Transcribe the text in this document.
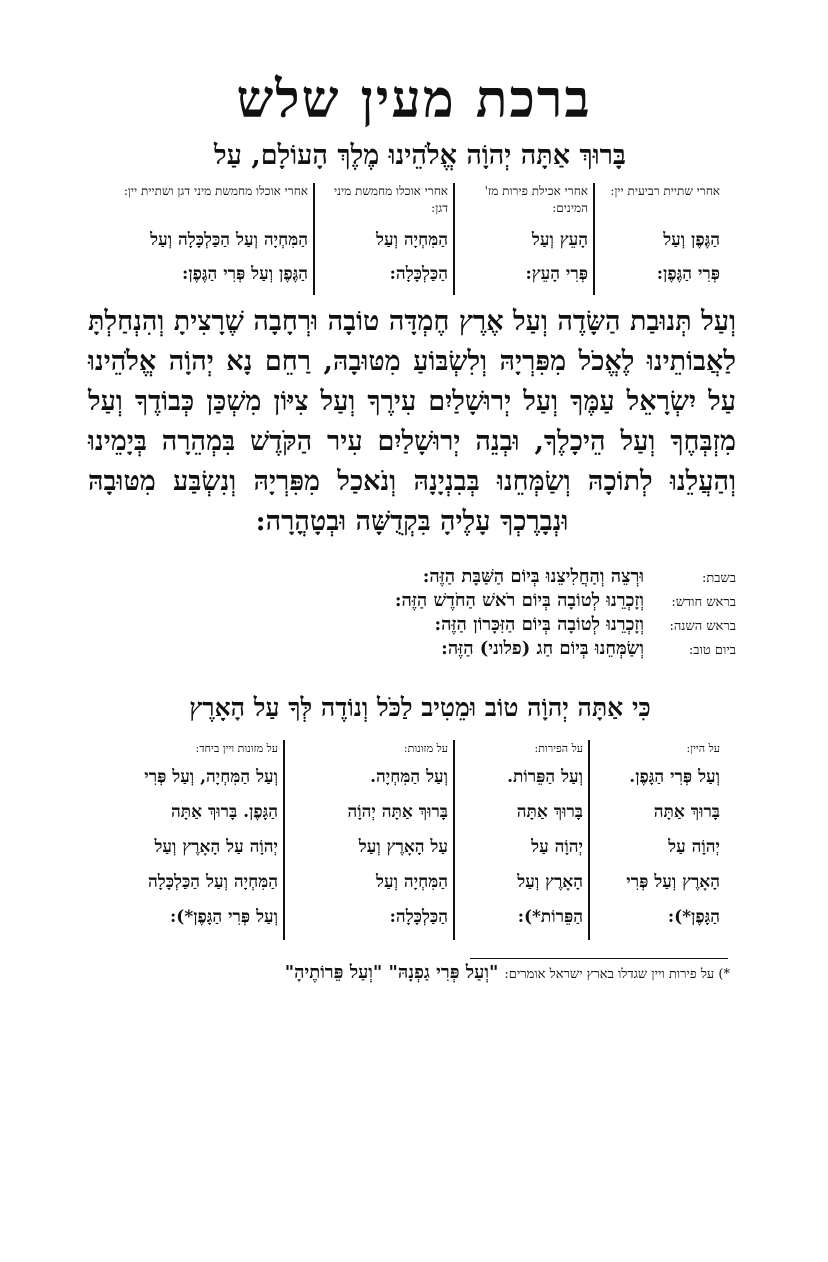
ברכת מעין שלש
בָּרוּךְ אַתָּה יְהוָֹה אֱלֹהֵינוּ מֶלֶךְ הָעוֹלָם, עַל
אחרי שתיית רביעית יין:
הַגֶּפֶן וְעַל
פְּרִי הַגֶּפֶן:
אחרי אכילת פירות מז' המינים:
הָעֵץ וְעַל
פְּרִי הָעֵץ:
אחרי אוכלו מחמשת מיני דגן:
הַמִּחְיָה וְעַל
הַכַּלְכָּלָה:
אחרי אוכלו מחמשת מיני דגן ושתיית יין:
הַמִּחְיָה וְעַל הַכַּלְכָּלָה וְעַל
הַגֶּפֶן וְעַל פְּרִי הַגֶּפֶן:
וְעַל תְּנוּבַת הַשָּׂדֶה וְעַל אֶרֶץ חֶמְדָּה טוֹבָה וּרְחָבָה שֶׁרָצִיתָ וְהִנְחַלְתָּ לַאֲבוֹתֵינוּ לֶאֱכֹל מִפִּרְיָהּ וְלִשְׂבּוֹעַ מִטּוּבָהּ, רַחֵם נָא יְהוָֹה אֱלֹהֵינוּ עַל יִשְׂרָאֵל עַמֶּךָ וְעַל יְרוּשָׁלַיִם עִירֶךָ וְעַל צִיּוֹן מִשְׁכַּן כְּבוֹדֶךָ וְעַל מִזְבְּחֶךָ וְעַל הֵיכָלֶךָ, וּבְנֵה יְרוּשָׁלַיִם עִיר הַקֹּדֶשׁ בִּמְהֵרָה בְּיָמֵינוּ וְהַעֲלֵנוּ לְתוֹכָהּ וְשַׂמְּחֵנוּ בְּבִנְיָנָהּ וְנֹאכַל מִפִּרְיָהּ וְנִשְׂבַּע מִטּוּבָהּ וּנְבָרֶכְךָ עָלֶיהָ בִּקְדֻשָּׁה וּבְטָהֳרָה:
בשבת:
וּרְצֵה וְהַחֲלִיצֵנוּ בְּיוֹם הַשַּׁבָּת הַזֶּה:
בראש חודש:
וְזָכְרֵנוּ לְטוֹבָה בְּיוֹם רֹאשׁ הַחֹדֶשׁ הַזֶּה:
בראש השנה:
וְזָכְרֵנוּ לְטוֹבָה בְּיוֹם הַזִּכָּרוֹן הַזֶּה:
ביום טוב:
וְשַׂמְּחֵנוּ בְּיוֹם חַג (פלוני) הַזֶּה:
כִּי אַתָּה יְהוָֹה טוֹב וּמֵטִיב לַכֹּל וְנוֹדֶה לְּךָ עַל הָאָרֶץ
על היין:
וְעַל פְּרִי הַגָּפֶן.
בָּרוּךְ אַתָּה
יְהוָֹה עַל
הָאָרֶץ וְעַל פְּרִי
הַגָּפֶן*):
על הפירות:
וְעַל הַפֵּרוֹת.
בָּרוּךְ אַתָּה
יְהוָֹה עַל
הָאָרֶץ וְעַל
הַפֵּרוֹת*):
על מזונות:
וְעַל הַמִּחְיָה.
בָּרוּךְ אַתָּה יְהוָֹה
עַל הָאָרֶץ וְעַל
הַמִּחְיָה וְעַל
הַכַּלְכָּלָה:
על מזונות ויין ביחד:
וְעַל הַמִּחְיָה, וְעַל פְּרִי
הַגָּפֶן. בָּרוּךְ אַתָּה
יְהוָֹה עַל הָאָרֶץ וְעַל
הַמִּחְיָה וְעַל הַכַּלְכָּלָה
וְעַל פְּרִי הַגָּפֶן*):
*) על פירות ויין שגדלו בארץ ישראל אומרים:
"וְעַל פְּרִי גַפְנָהּ" "וְעַל פֵּרוֹתֶיהָ"
